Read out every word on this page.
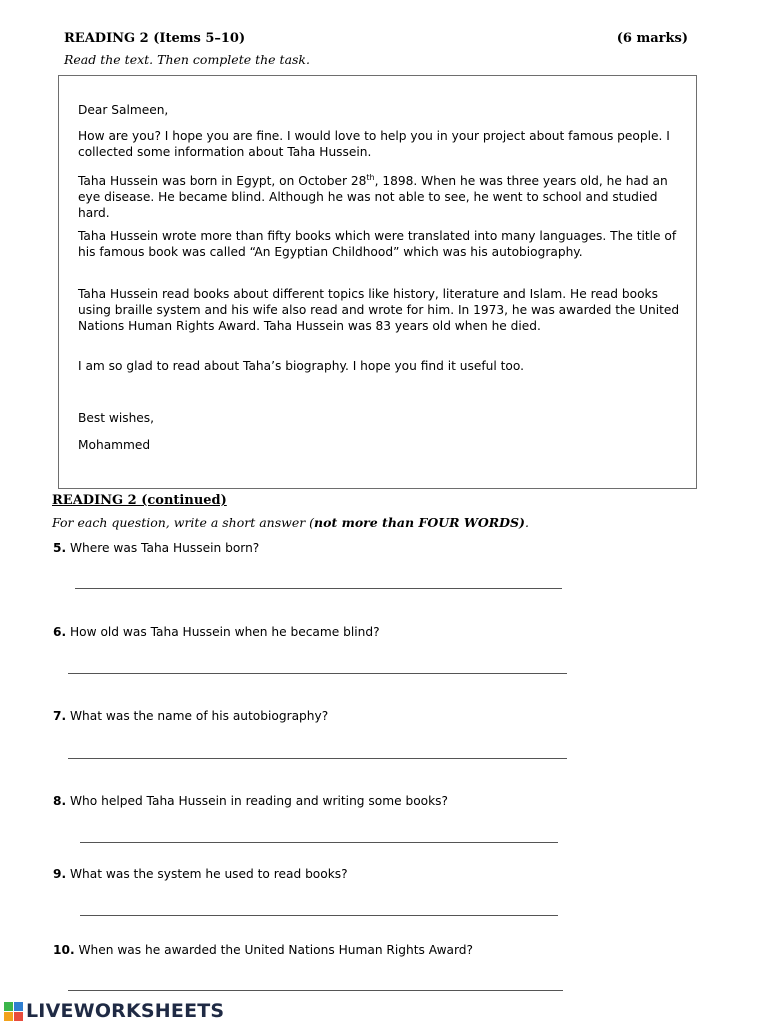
READING 2 (Items 5–10)	(6 marks)
Read the text. Then complete the task.

Dear Salmeen,

How are you? I hope you are fine. I would love to help you in your project about famous people. I collected some information about Taha Hussein.

Taha Hussein was born in Egypt, on October 28th, 1898. When he was three years old, he had an eye disease. He became blind. Although he was not able to see, he went to school and studied hard.

Taha Hussein wrote more than fifty books which were translated into many languages. The title of his famous book was called “An Egyptian Childhood” which was his autobiography.

Taha Hussein read books about different topics like history, literature and Islam. He read books using braille system and his wife also read and wrote for him. In 1973, he was awarded the United Nations Human Rights Award. Taha Hussein was 83 years old when he died.

I am so glad to read about Taha’s biography. I hope you find it useful too.

Best wishes,

Mohammed

READING 2 (continued)
For each question, write a short answer (not more than FOUR WORDS).
5. Where was Taha Hussein born?
6. How old was Taha Hussein when he became blind?
7. What was the name of his autobiography?
8. Who helped Taha Hussein in reading and writing some books?
9. What was the system he used to read books?
10. When was he awarded the United Nations Human Rights Award?
LIVEWORKSHEETS
